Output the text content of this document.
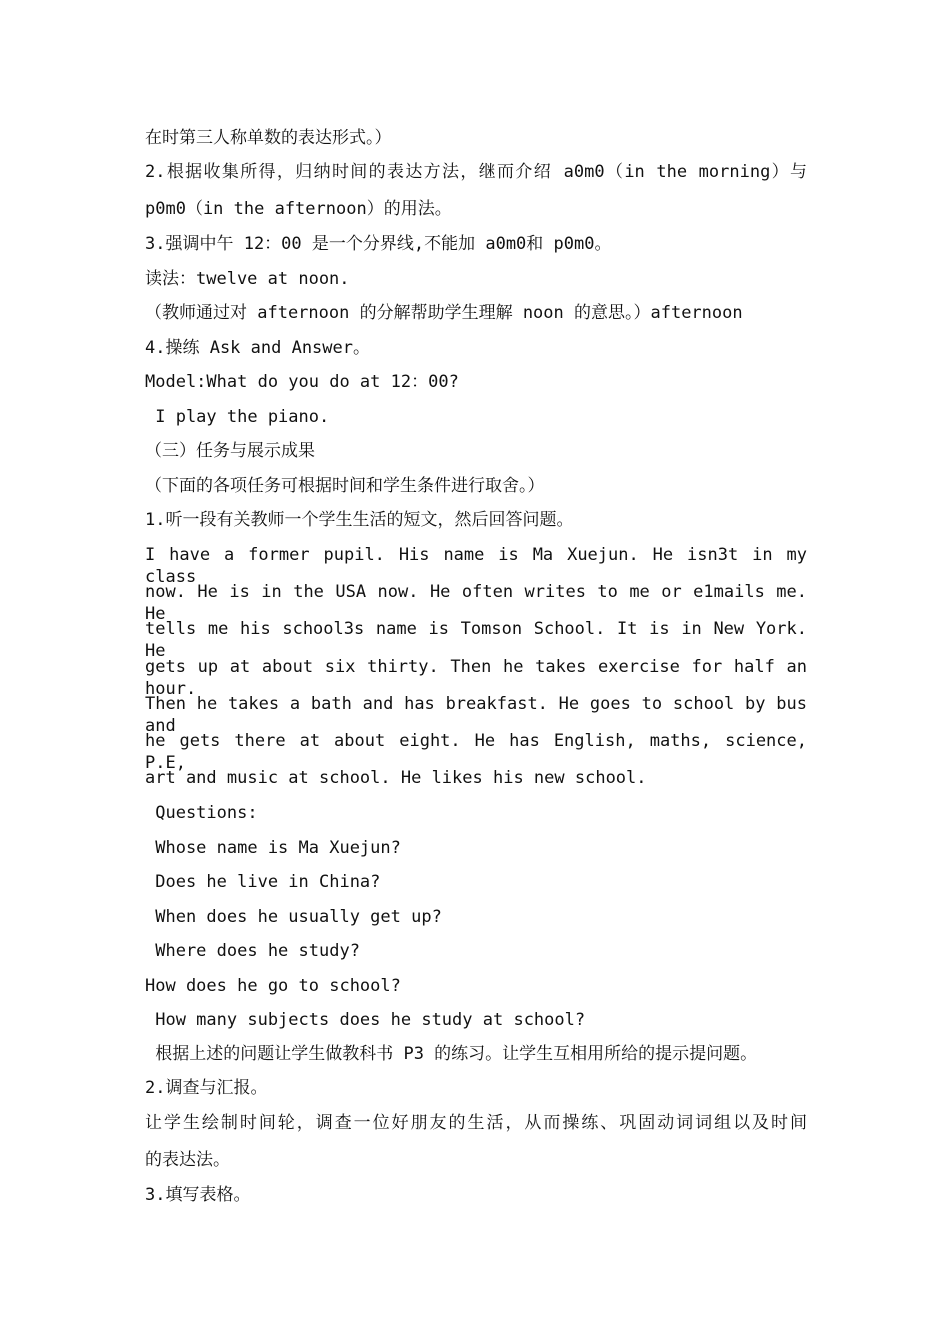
在时第三人称单数的表达形式。）
2.根据收集所得，归纳时间的表达方法，继而介绍 a0m0（in the morning）与
p0m0（in the afternoon）的用法。
3.强调中午 12：00 是一个分界线,不能加 a0m0和 p0m0。
读法：twelve at noon.
（教师通过对 afternoon 的分解帮助学生理解 noon 的意思。）afternoon
4.操练 Ask and Answer。
Model:What do you do at 12：00?
I play the piano.
（三）任务与展示成果
（下面的各项任务可根据时间和学生条件进行取舍。）
1.听一段有关教师一个学生生活的短文，然后回答问题。
I have a former pupil. His name is Ma Xuejun. He isn3t in my class
now. He is in the USA now. He often writes to me or e1mails me. He
tells me his school3s name is Tomson School. It is in New York. He
gets up at about six thirty. Then he takes exercise for half an hour.
Then he takes a bath and has breakfast. He goes to school by bus and
he gets there at about eight. He has English, maths, science, P.E,
art and music at school. He likes his new school.
Questions:
Whose name is Ma Xuejun?
Does he live in China?
When does he usually get up?
Where does he study?
How does he go to school?
How many subjects does he study at school?
根据上述的问题让学生做教科书 P3 的练习。让学生互相用所给的提示提问题。
2.调查与汇报。
让学生绘制时间轮，调查一位好朋友的生活，从而操练、巩固动词词组以及时间
的表达法。
3.填写表格。
